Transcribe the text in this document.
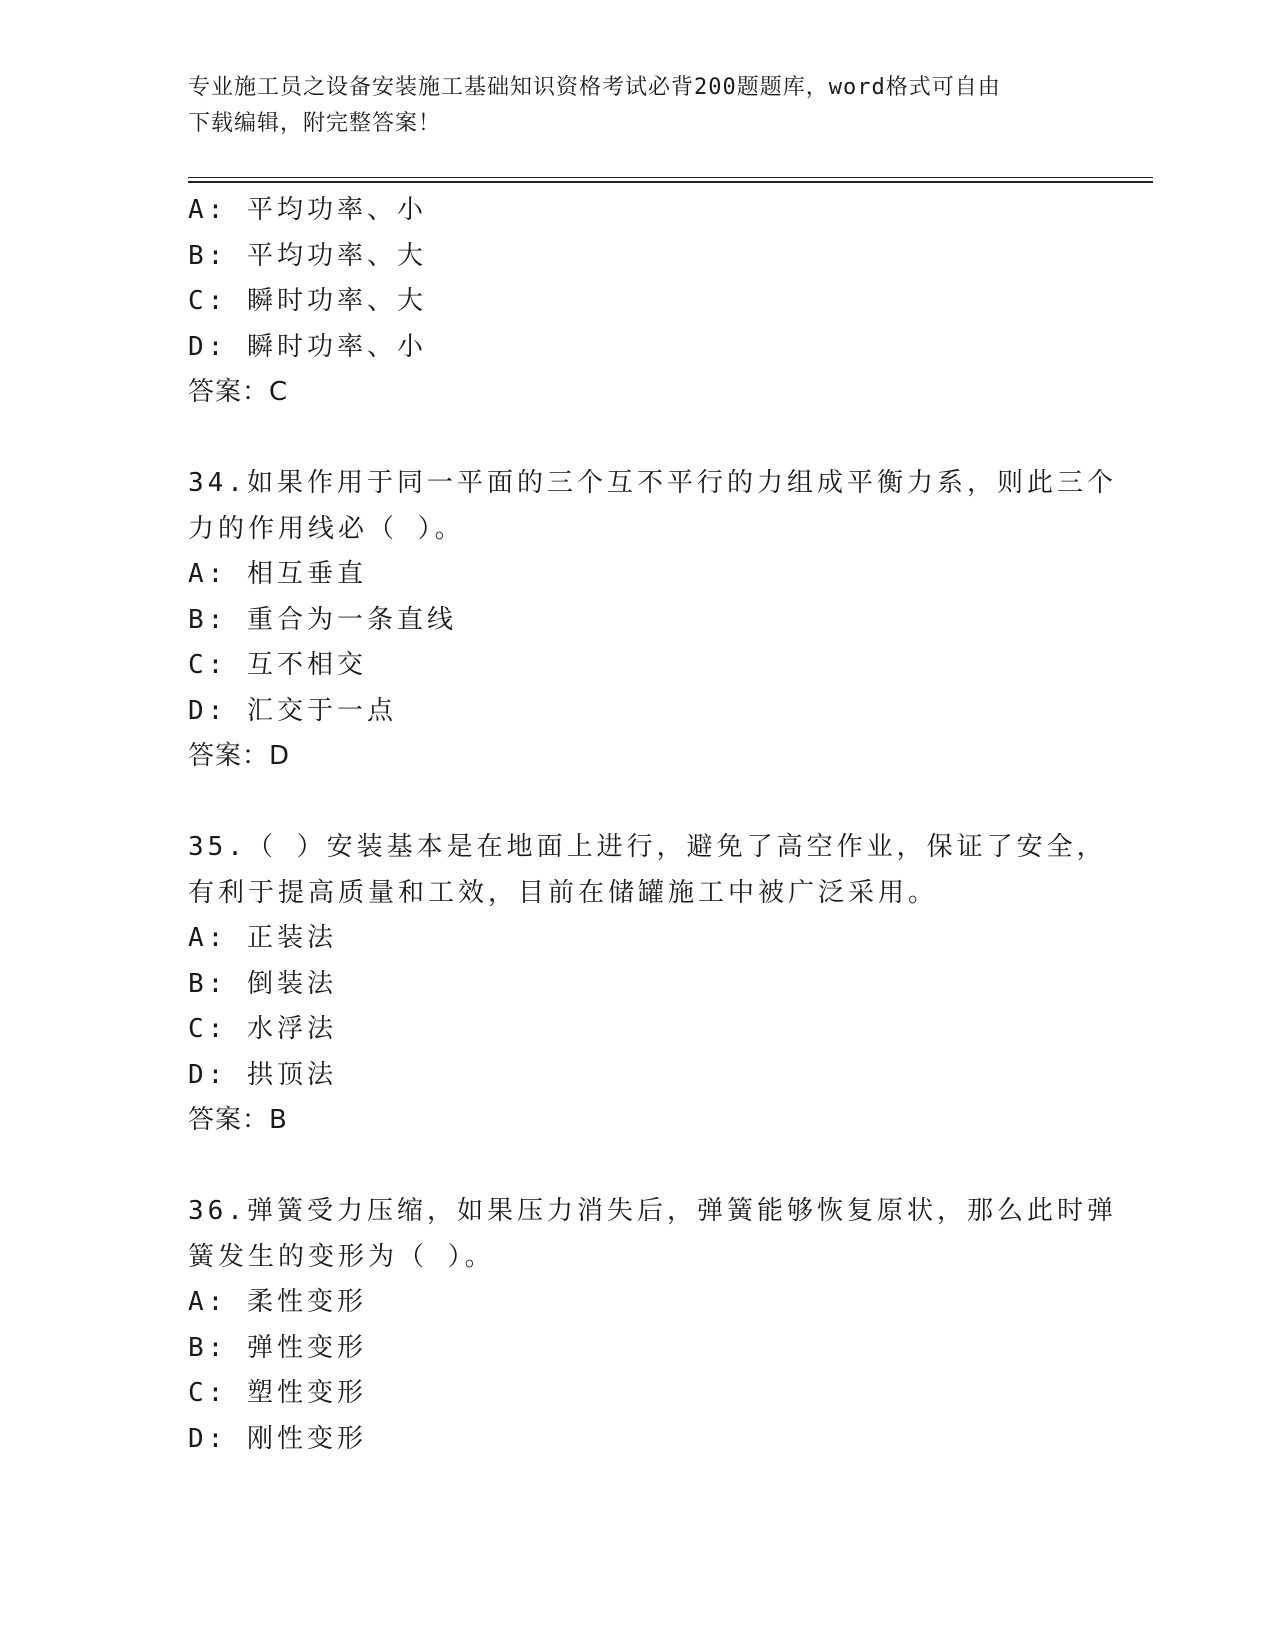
专业施工员之设备安装施工基础知识资格考试必背200题题库，word格式可自由
下载编辑，附完整答案！
A: 平均功率、小
B: 平均功率、大
C: 瞬时功率、大
D: 瞬时功率、小
答案：C
34.如果作用于同一平面的三个互不平行的力组成平衡力系，则此三个
力的作用线必（ ）。
A: 相互垂直
B: 重合为一条直线
C: 互不相交
D: 汇交于一点
答案：D
35.（ ）安装基本是在地面上进行，避免了高空作业，保证了安全，
有利于提高质量和工效，目前在储罐施工中被广泛采用。
A: 正装法
B: 倒装法
C: 水浮法
D: 拱顶法
答案：B
36.弹簧受力压缩，如果压力消失后，弹簧能够恢复原状，那么此时弹
簧发生的变形为（ ）。
A: 柔性变形
B: 弹性变形
C: 塑性变形
D: 刚性变形
